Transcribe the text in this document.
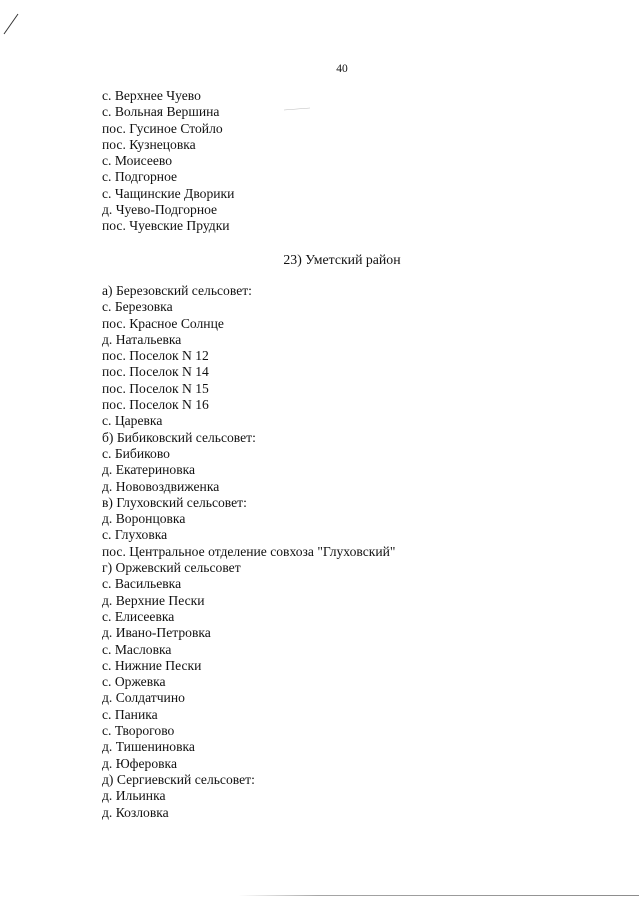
40
с. Верхнее Чуево
с. Вольная Вершина
пос. Гусиное Стойло
пос. Кузнецовка
с. Моисеево
с. Подгорное
с. Чащинские Дворики
д. Чуево-Подгорное
пос. Чуевские Прудки
23) Уметский район
а) Березовский сельсовет:
с. Березовка
пос. Красное Солнце
д. Натальевка
пос. Поселок N 12
пос. Поселок N 14
пос. Поселок N 15
пос. Поселок N 16
с. Царевка
б) Бибиковский сельсовет:
с. Бибиково
д. Екатериновка
д. Нововоздвиженка
в) Глуховский сельсовет:
д. Воронцовка
с. Глуховка
пос. Центральное отделение совхоза "Глуховский"
г) Оржевский сельсовет
с. Васильевка
д. Верхние Пески
с. Елисеевка
д. Ивано-Петровка
с. Масловка
с. Нижние Пески
с. Оржевка
д. Солдатчино
с. Паника
с. Творогово
д. Тишениновка
д. Юферовка
д) Сергиевский сельсовет:
д. Ильинка
д. Козловка
